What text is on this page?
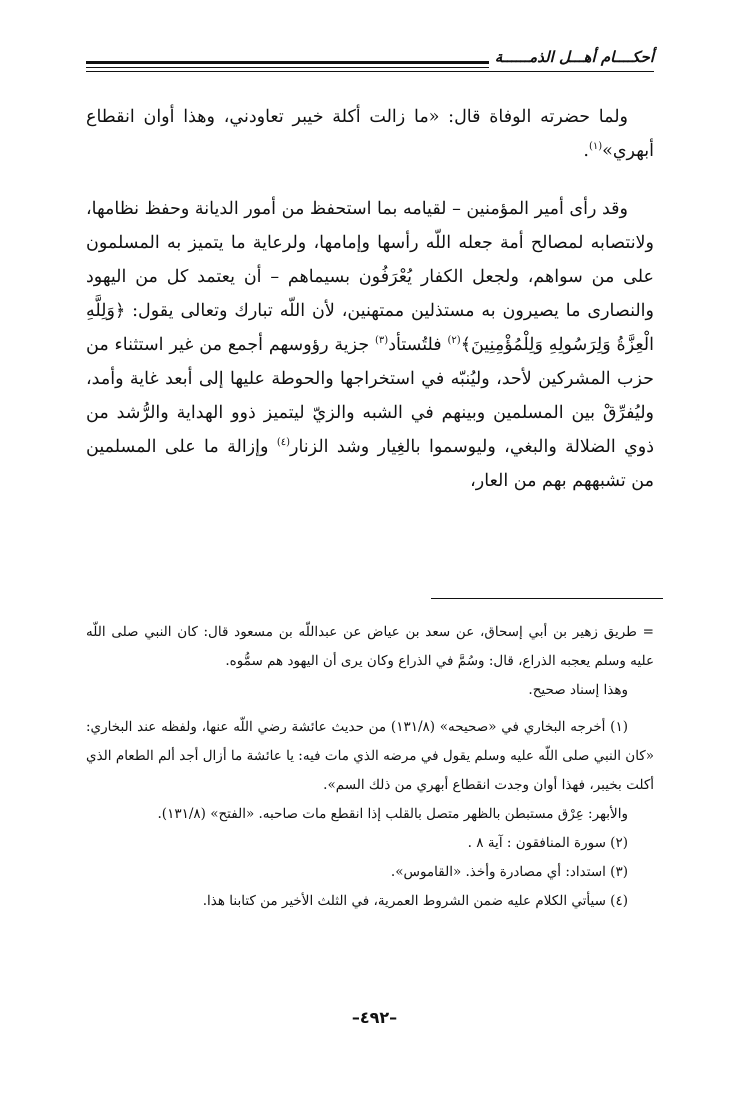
أحكــــام أهـــل الذمــــــة

ولما حضرته الوفاة قال: «ما زالت أكلة خيبر تعاودني، وهذا أوان انقطاع أبهري»$^{(١)}$.

وقد رأى أمير المؤمنين – لقيامه بما استحفظ من أمور الديانة وحفظ نظامها، ولانتصابه لمصالح أمة جعله اللّه رأسها وإمامها، ولرعاية ما يتميز به المسلمون على من سواهم، ولجعل الكفار يُعْرَفُون بسيماهم – أن يعتمد كل من اليهود والنصارى ما يصيرون به مستذلين ممتهنين، لأن اللّه تبارك وتعالى يقول: ﴿وَلِلَّهِ الْعِزَّةُ وَلِرَسُولِهِ وَلِلْمُؤْمِنِينَ﴾$^{(٢)}$ فلتُستأد$^{(٣)}$ جزية رؤوسهم أجمع من غير استثناء من حزب المشركين لأحد، وليُنبّه في استخراجها والحوطة عليها إلى أبعد غاية وأمد، وليُفرِّقْ بين المسلمين وبينهم في الشبه والزيّ ليتميز ذوو الهداية والرُّشد من ذوي الضلالة والبغي، وليوسموا بالغِيار وشد الزنار$^{(٤)}$ وإزالة ما على المسلمين من تشبههم بهم من العار،

= طريق زهير بن أبي إسحاق، عن سعد بن عياض عن عبداللّه بن مسعود قال: كان النبي صلى اللّه عليه وسلم يعجبه الذراع، قال: وسُمَّ في الذراع وكان يرى أن اليهود هم سمُّوه.

وهذا إسناد صحيح.

(١) أخرجه البخاري في «صحيحه» (١٣١/٨) من حديث عائشة رضي اللّه عنها، ولفظه عند البخاري: «كان النبي صلى اللّه عليه وسلم يقول في مرضه الذي مات فيه: يا عائشة ما أزال أجد ألم الطعام الذي أكلت بخيبر، فهذا أوان وجدت انقطاع أبهري من ذلك السم».

والأبهر: عِرْق مستبطن بالظهر متصل بالقلب إذا انقطع مات صاحبه. «الفتح» (١٣١/٨).

(٢) سورة المنافقون : آية ٨ .

(٣) استداد: أي مصادرة وأخذ. «القاموس».

(٤) سيأتي الكلام عليه ضمن الشروط العمرية، في الثلث الأخير من كتابنا هذا.

–٤٩٢–
